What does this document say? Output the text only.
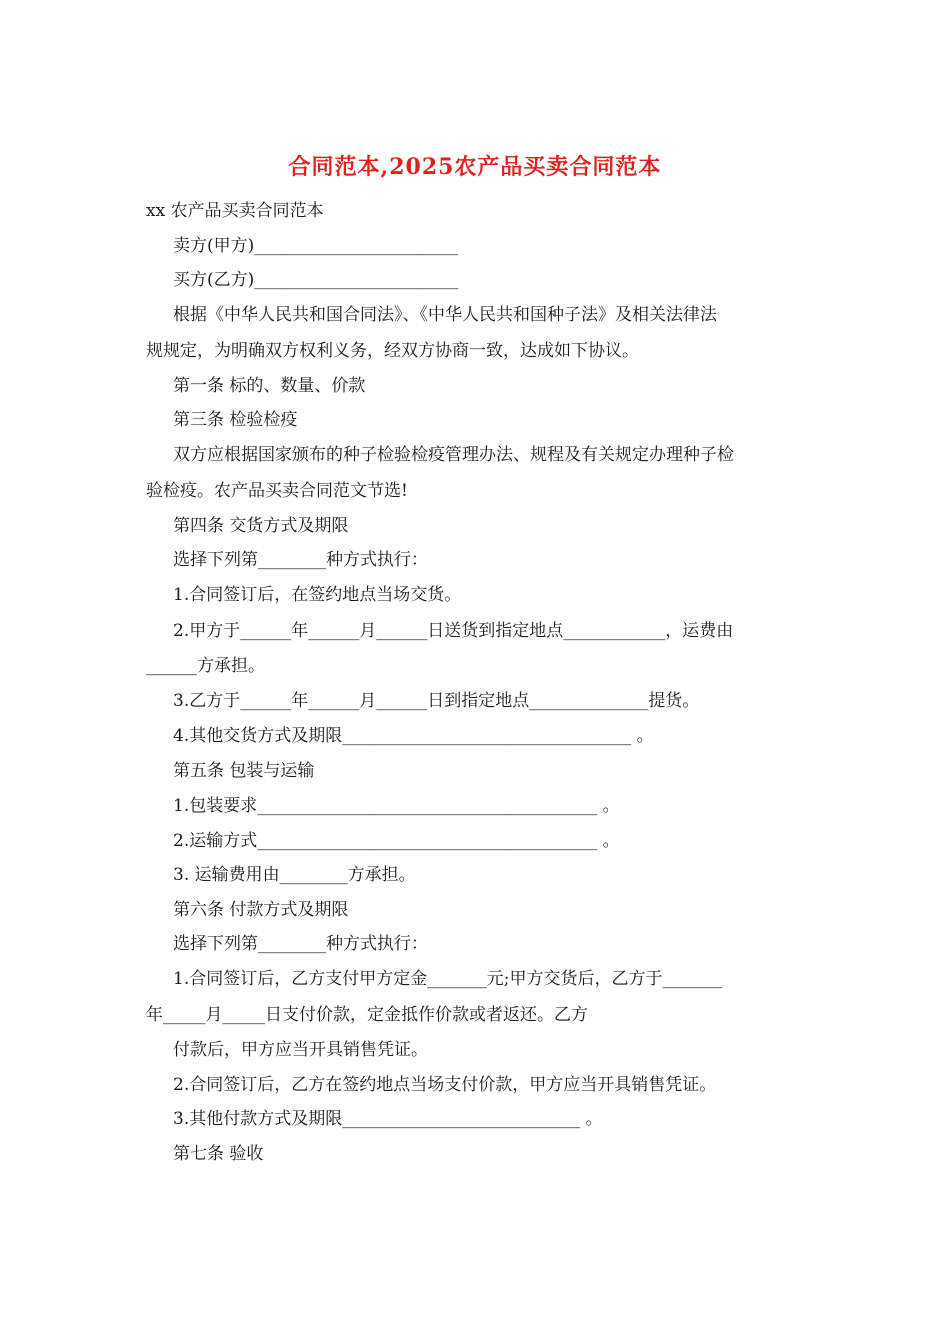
合同范本,2025农产品买卖合同范本
xx 农产品买卖合同范本
卖方(甲方)________________________
买方(乙方)________________________
根据《中华人民共和国合同法》、《中华人民共和国种子法》及相关法律法
规规定，为明确双方权利义务，经双方协商一致，达成如下协议。
第一条 标的、数量、价款
第三条 检验检疫
双方应根据国家颁布的种子检验检疫管理办法、规程及有关规定办理种子检
验检疫。农产品买卖合同范文节选!
第四条 交货方式及期限
选择下列第________种方式执行：
1.合同签订后，在签约地点当场交货。
2.甲方于______年______月______日送货到指定地点____________，运费由
______方承担。
3.乙方于______年______月______日到指定地点______________提货。
4.其他交货方式及期限__________________________________ 。
第五条 包装与运输
1.包装要求________________________________________ 。
2.运输方式________________________________________ 。
3. 运输费用由________方承担。
第六条 付款方式及期限
选择下列第________种方式执行：
1.合同签订后，乙方支付甲方定金_______元;甲方交货后，乙方于_______
年_____月_____日支付价款，定金抵作价款或者返还。乙方
付款后，甲方应当开具销售凭证。
2.合同签订后，乙方在签约地点当场支付价款，甲方应当开具销售凭证。
3.其他付款方式及期限____________________________ 。
第七条 验收
